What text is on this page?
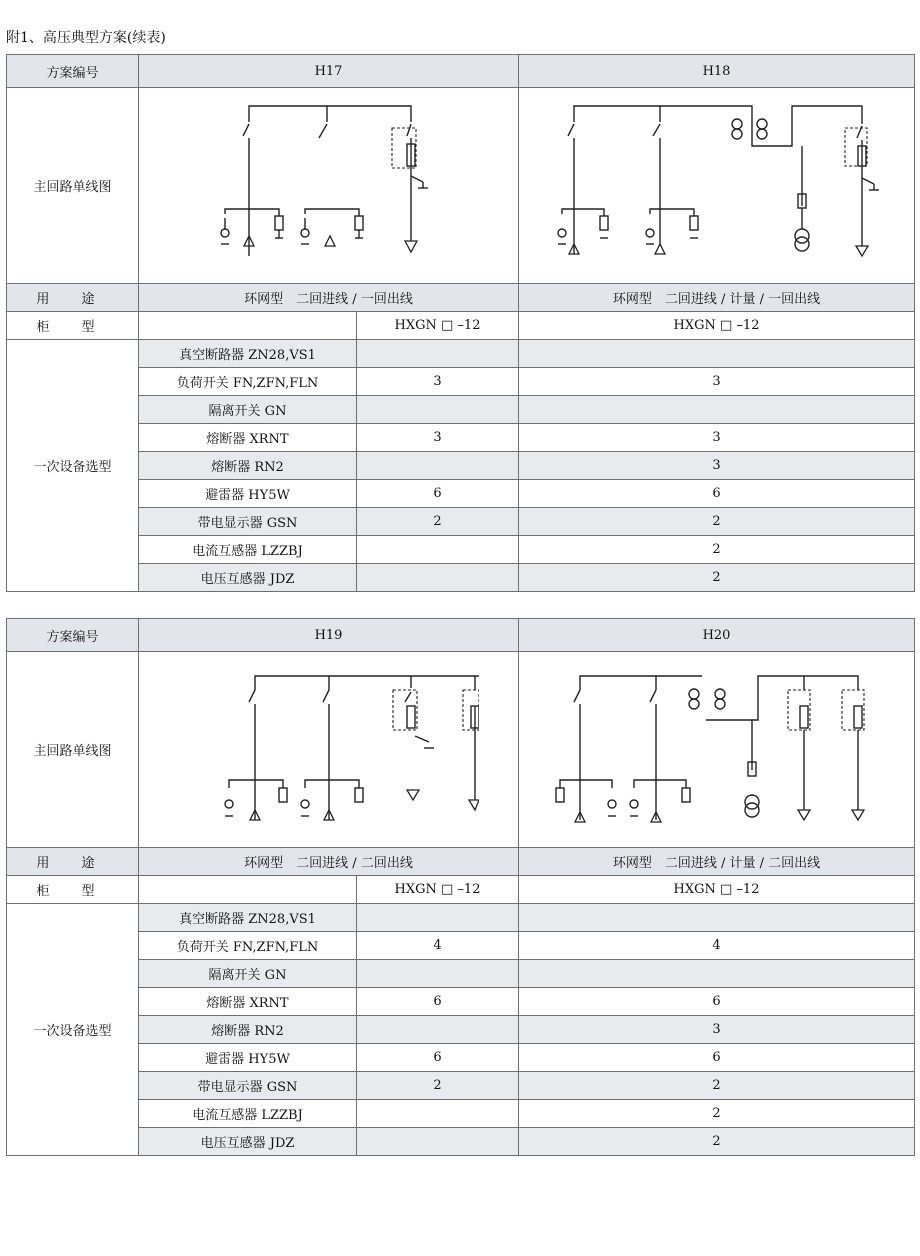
附1、高压典型方案(续表)
方案编号	H17		H18
主回路单线图	

用 途	环网型　二回进线 / 一回出线		环网型　二回进线 / 计量 / 一回出线
柜 型		HXGN □ –12	HXGN □ –12
一次设备选型	真空断路器 ZN28,VS1		
	负荷开关 FN,ZFN,FLN	3	3
	隔离开关 GN		
	熔断器 XRNT	3	3
	熔断器 RN2		3
	避雷器 HY5W	6	6
	带电显示器 GSN	2	2
	电流互感器 LZZBJ		2
	电压互感器 JDZ		2
方案编号	H19		H20
主回路单线图	

用 途	环网型　二回进线 / 二回出线		环网型　二回进线 / 计量 / 二回出线
柜 型		HXGN □ –12	HXGN □ –12
一次设备选型	真空断路器 ZN28,VS1		
	负荷开关 FN,ZFN,FLN	4	4
	隔离开关 GN		
	熔断器 XRNT	6	6
	熔断器 RN2		3
	避雷器 HY5W	6	6
	带电显示器 GSN	2	2
	电流互感器 LZZBJ		2
	电压互感器 JDZ		2
